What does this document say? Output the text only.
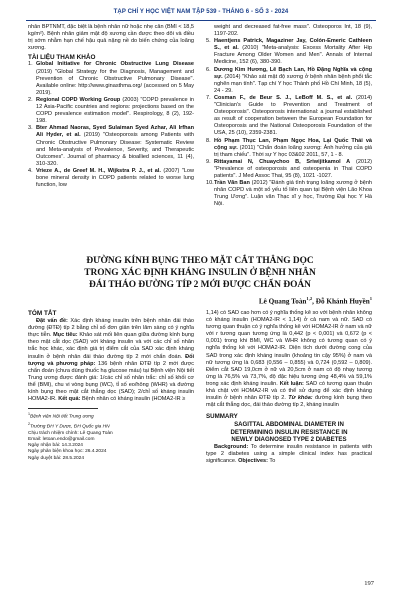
TẠP CHÍ Y HỌC VIỆT NAM TẬP 539 - THÁNG 6 - SỐ 3 - 2024

nhân BPTNMT, đặc biệt là bệnh nhân nữ hoặc nhẹ cân (BMI < 18,5 kg/m²). Bệnh nhân giảm mật độ xương cần được theo dõi và điều trị sớm nhằm hạn chế hậu quả nặng nề do biến chứng của loãng xương.

TÀI LIỆU THAM KHẢO

1. Global Initiative for Chronic Obstructive Lung Disease (2019) "Global Strategy for the Diagnosis, Management and Prevention of Chronic Obstructive Pulmonary Disease". Available online: http://www.ginasthma.org/ (accessed on 5 May 2019).
2. Regional COPD Working Group (2003) "COPD prevalence in 12 Asia-Pacific countries and regions: projections based on the COPD prevalence estimation model". Respirology, 8 (2), 192-198.
3. Bter Ahmad Naoras, Syed Sulaiman Syed Azhar, Ali Irfhan Ali Hyder, et al. (2019) "Osteoporosis among Patients with Chronic Obstructive Pulmonary Disease: Systematic Review and Meta-analysis of Prevalence, Severity, and Therapeutic Outcomes". Journal of pharmacy & bioallied sciences, 11 (4), 310-320.
4. Vrieze A., de Greef M. H., Wijkstra P. J., et al. (2007) "Low bone mineral density in COPD patients related to worse lung function, low

weight and decreased fat-free mass". Osteoporos Int, 18 (9), 1197-202.

5. Haentjens Patrick, Magaziner Jay, Colón-Emeric Cathleen S., et al. (2010) "Meta-analysis: Excess Mortality After Hip Fracture Among Older Women and Men". Annals of Internal Medicine, 152 (6), 380-390.
6. Dương Kim Hương, Lê Bạch Lan, Hồ Đặng Nghĩa và cộng sự. (2014) "Khảo sát mật độ xương ở bệnh nhân bệnh phổi tắc nghẽn mạn tính". Tạp chí Y học Thành phố Hồ Chí Minh, 18 (5), 24 - 29.
7. Cosman F., de Beur S. J., LeBoff M. S., et al. (2014) "Clinician's Guide to Prevention and Treatment of Osteoporosis". Osteoporosis international: a journal established as result of cooperation between the European Foundation for Osteoporosis and the National Osteoporosis Foundation of the USA, 25 (10), 2359-2381.
8. Hồ Phạm Thục Lan, Phạm Ngọc Hoa, Lại Quốc Thái và cộng sự. (2011) "Chẩn đoán loãng xương: Ảnh hưởng của giá trị tham chiếu". Thời sự Y học 03&02 2011, 57, 1 - 8.
9. Rittayamai N, Chuaychoo B, Sriwijitkamol A (2012) "Prevalence of osteoporosis and osteopenia in Thai COPD patients". J Med Assoc Thai, 95 (8), 1021 -1027.
10. Trần Văn Ban (2012) "Đánh giá tình trạng loãng xương ở bệnh nhân COPD và một số yếu tố liên quan tại Bệnh viện Lão Khoa Trung Ương". Luận văn Thạc sĩ y học, Trường Đại học Y Hà Nội.
ĐƯỜNG KÍNH BỤNG THEO MẶT CẮT THẲNG DỌC
TRONG XÁC ĐỊNH KHÁNG INSULIN Ở BỆNH NHÂN
ĐÁI THÁO ĐƯỜNG TÍP 2 MỚI ĐƯỢC CHẨN ĐOÁN
Lê Quang Toàn$^{1,2}$, Đỗ Khánh Huyền$^1$

TÓM TẮT

Đặt vấn đề: Xác định kháng insulin trên bệnh nhân đái tháo đường (ĐTĐ) típ 2 bằng chỉ số đơn giản trên lâm sàng có ý nghĩa thực tiễn. Mục tiêu: Khảo sát mối liên quan giữa đường kính bụng theo mặt cắt dọc (SAD) với kháng insulin và với các chỉ số nhân trắc học khác, xác định giá trị điểm cắt của SAD xác định kháng insulin ở bệnh nhân đái tháo đường típ 2 mới chẩn đoán. Đối tượng và phương pháp: 136 bệnh nhân ĐTĐ típ 2 mới được chẩn đoán (chưa dùng thuốc hạ glucose máu) tại Bệnh viện Nội tiết Trung ương được đánh giá: 1/các chỉ số nhân trắc: chỉ số khối cơ thể (BMI), chu vi vòng bụng (WC), tỉ số eo/hông (WHR) và đường kính bụng theo mặt cắt thẳng dọc (SAD); 2/chỉ số kháng insulin HOMA2-IR. Kết quả: Bệnh nhân có kháng insulin (HOMA2-IR ≥

$^1$Bệnh viện Nội tiết Trung ương
$^2$Trường ĐH Y Dược, ĐH Quốc gia HN
Chịu trách nhiệm chính: Lê Quang Toàn
Email: letoan.endo@gmail.com
Ngày nhận bài: 14.3.2024
Ngày phản biện khoa học: 26.4.2024
Ngày duyệt bài: 28.5.2024

1,14) có SAD cao hơn có ý nghĩa thống kê so với bệnh nhân không có kháng insulin (HOMA2-IR < 1,14) ở cả nam và nữ. SAD có tương quan thuận có ý nghĩa thống kê với HOMA2-IR ở nam và nữ với r tương quan tương ứng là 0,442 (p < 0,001) và 0,672 (p < 0,001) trong khi BMI, WC và WHR không có tương quan có ý nghĩa thống kê với HOMA2-IR. Diện tích dưới đường cong của SAD trong xác định kháng insulin (khoảng tin cậy 95%) ở nam và nữ tương ứng là 0,683 (0,556 – 0,855) và 0,724 (0,592 – 0,809). Điểm cắt SAD 19,0cm ở nữ và 20,5cm ở nam có độ nhạy tương ứng là 76,5% và 73,7%, độ đặc hiệu tương ứng 48,4% và 59,1% trong xác định kháng insulin. Kết luận: SAD có tương quan thuận khá chặt với HOMA2-IR và có thể sử dụng để xác định kháng insulin ở bệnh nhân ĐTĐ típ 2. Từ khóa: đường kính bụng theo mặt cắt thẳng dọc, đái tháo đường típ 2, kháng insulin

SUMMARY

SAGITTAL ABDOMINAL DIAMETER IN
DETERMINING INSULIN RESISTANCE IN
NEWLY DIAGNOSED TYPE 2 DIABETES

Background: To determine insulin resistance in patients with type 2 diabetes using a simple clinical index has practical significance. Objectives: To

197
